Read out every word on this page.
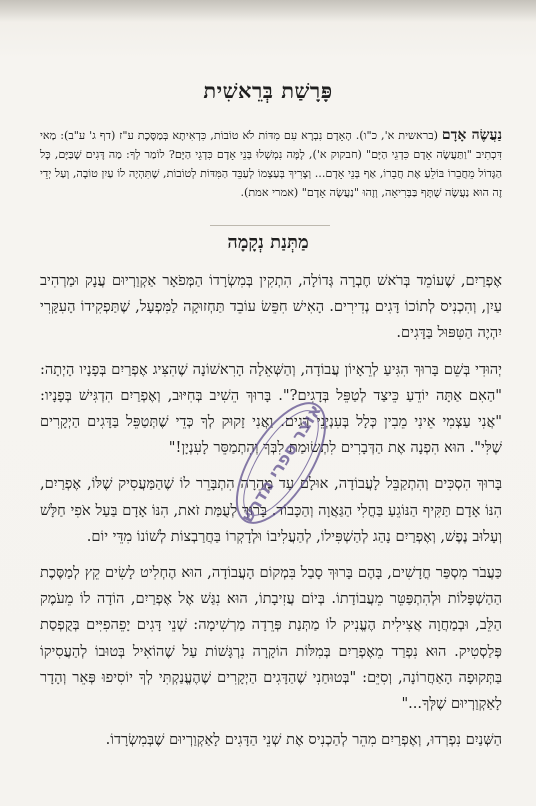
פָּרָשַׁת בְּרֵאשִׁית
נַעֲשֶׂה אָדָם (בראשית א', כ"ו). הָאָדָם נִבְרָא עִם מִדּוֹת לֹא טוֹבוֹת, כִּדְאִיתָא בְּמַסֶּכֶת ע"ז (דף ג' ע"ב): מַאי דִּכְתִיב "וַתַּעֲשֶׂה אָדָם כִּדְגֵי הַיָּם" (חבקוק א'), לָמָּה נִמְשְׁלוּ בְּנֵי אָדָם כִּדְגֵי הַיָּם? לוֹמַר לְךָ: מַה דָּגִים שֶׁבַּיָּם, כָּל הַגָּדוֹל מֵחֲבֵרוֹ בּוֹלֵעַ אֶת חֲבֵרוֹ, אַף בְּנֵי אָדָם... וְצָרִיךְ בְּעַצְמוֹ לְעַבֵּד הַמִּדּוֹת לְטוֹבוֹת, שֶׁתִּהְיֶה לוֹ עַיִן טוֹבָה, וְעַל יְדֵי זֶה הוּא נַעֲשֶׂה שֻׁתָּף בַּבְּרִיאָה, וְזֶהוּ "נַעֲשֶׂה אָדָם" (אמרי אמת).
מַתְּנַת נְקָמָה

אֶפְרַיִם, שֶׁעוֹמֵד בְּרֹאשׁ חֶבְרָה גְּדוֹלָה, הִתְקִין בְּמִשְׂרָדוֹ הַמְּפֹאָר אַקְוַרְיוּם עֲנָק וּמַרְהִיב עַיִן, וְהִכְנִיס לְתוֹכוֹ דָּגִים נְדִירִים. הָאִישׁ חִפֵּשׂ עוֹבֵד תַּחְזוּקָה לַמִּפְעָל, שֶׁתַּפְקִידוֹ הָעִקָּרִי יִהְיֶה הַטִּפּוּל בַּדָּגִים.

יְהוּדִי בְּשֵׁם בָּרוּךְ הִגִּיעַ לְרֵאָיוֹן עֲבוֹדָה, וְהַשְּׁאֵלָה הָרִאשׁוֹנָה שֶׁהִצִּיג אֶפְרַיִם בְּפָנָיו הָיְתָה: "הַאִם אַתָּה יוֹדֵעַ כֵּיצַד לְטַפֵּל בְּדָגִים?". בָּרוּךְ הֵשִׁיב בְּחִיּוּב, וְאֶפְרַיִם הִדְגִּישׁ בְּפָנָיו: "אֲנִי עַצְמִי אֵינִי מֵבִין כְּלָל בְּעִנְיְנֵי דָּגִים. וַאֲנִי זָקוּק לְךָ כְּדֵי שֶׁתְּטַפֵּל בַּדָּגִים הַיְקָרִים שֶׁלִּי". הוּא הִפְנָה אֶת הַדְּבָרִים לִתְשׂוּמַת לִבְּךָ וְהִתְמַסֵּר לָעִנְיָן!"

בָּרוּךְ הִסְכִּים וְהִתְקַבֵּל לָעֲבוֹדָה, אוּלָם עַד מְהֵרָה הִתְבָּרֵר לוֹ שֶׁהַמַּעֲסִיק שֶׁלּוֹ, אֶפְרַיִם, הִנּוֹ אָדָם תַּקִּיף הַנּוֹגֵעַ בַּחֳלִי הַגַּאֲוָה וְהַכָּבוֹד. בָּרוּךְ לְעֻמַּת זֹאת, הִנּוֹ אָדָם בַּעַל אֹפִי חַלָּשׁ וְעָלוּב נֶפֶשׁ, וְאֶפְרַיִם נָהַג לְהַשְׁפִּילוֹ, לְהַעֲלִיבוֹ וּלְדָקְרוֹ בַּחֲרַבְצוֹת לְשׁוֹנוֹ מִדֵּי יוֹם.

כַּעֲבֹר מִסְפַּר חֳדָשִׁים, בָּהֶם בָּרוּךְ סָבַל בִּמְקוֹם הָעֲבוֹדָה, הוּא הֶחְלִיט לָשִׂים קֵץ לְמַסֶּכֶת הַהַשְׁפָּלוֹת וּלְהִתְפַּטֵּר מֵעֲבוֹדָתוֹ. בְּיוֹם עֲזִיבָתוֹ, הוּא נִגַּשׁ אֶל אֶפְרַיִם, הוֹדָה לוֹ מֵעֹמֶק הַלֵּב, וּבְמַחֲוָה אֲצִילִית הֶעֱנִיק לוֹ מַתְּנַת פְּרֵדָה מַרְשִׁימָה: שְׁנֵי דָּגִים יָפֵהפִיִּים בְּקֻפְסַת פְּלַסְטִיק. הוּא נִפְרַד מֵאֶפְרַיִם בְּמִלּוֹת הוֹקָרָה נִרְגָּשׁוֹת עַל שֶׁהוֹאִיל בְּטוּבוֹ לְהַעֲסִיקוֹ בַּתְּקוּפָה הָאַחֲרוֹנָה, וְסִיֵּם: "בְּטוּחַנִי שֶׁהַדָּגִים הַיְקָרִים שֶׁהֶעֱנַקְתִּי לְךָ יוֹסִיפוּ פְּאֵר וְהָדָר לָאַקְוַרְיוּם שֶׁלְּךָ..."

הַשְּׁנַיִם נִפְרְדוּ, וְאֶפְרַיִם מִהֵר לְהַכְנִיס אֶת שְׁנֵי הַדָּגִים לָאַקְוַרְיוּם שֶׁבְּמִשְׂרָדוֹ.

אוצר ספרי מדרש
